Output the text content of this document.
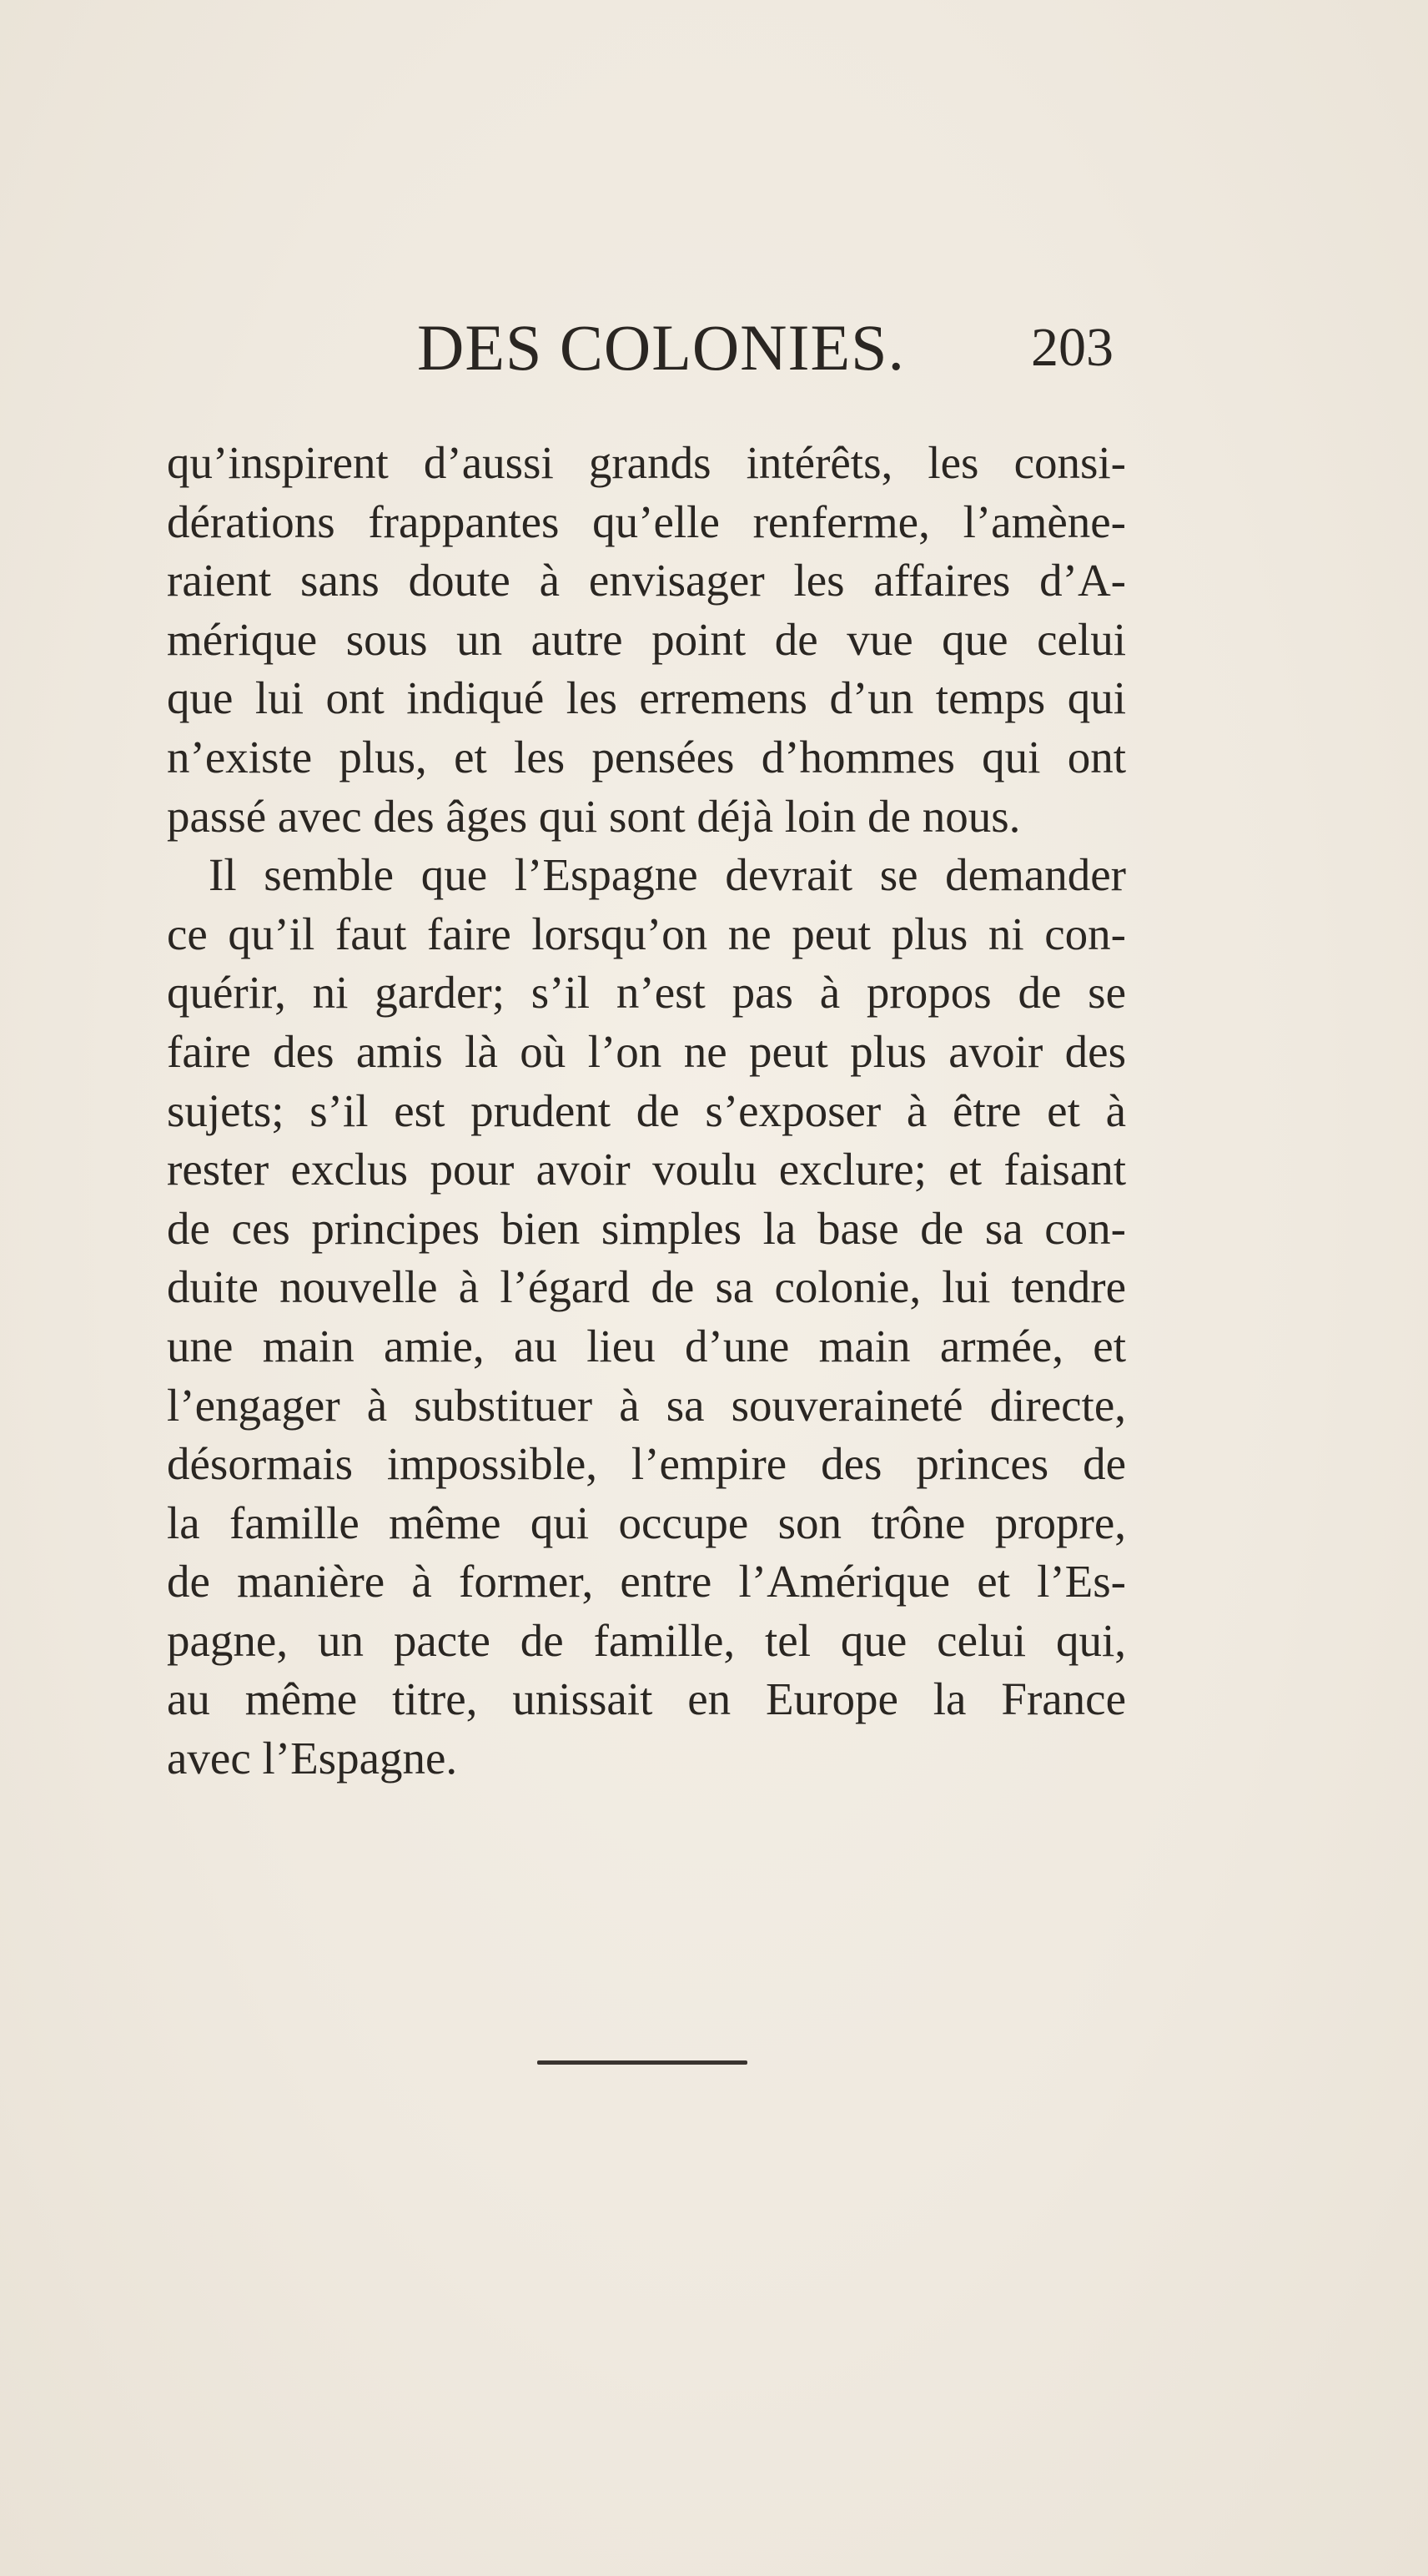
DES COLONIES. 203
qu’inspirent d’aussi grands intérêts, les consi-
dérations frappantes qu’elle renferme, l’amène-
raient sans doute à envisager les affaires d’A-
mérique sous un autre point de vue que celui
que lui ont indiqué les erremens d’un temps qui
n’existe plus, et les pensées d’hommes qui ont
passé avec des âges qui sont déjà loin de nous.
Il semble que l’Espagne devrait se demander
ce qu’il faut faire lorsqu’on ne peut plus ni con-
quérir, ni garder; s’il n’est pas à propos de se
faire des amis là où l’on ne peut plus avoir des
sujets; s’il est prudent de s’exposer à être et à
rester exclus pour avoir voulu exclure; et faisant
de ces principes bien simples la base de sa con-
duite nouvelle à l’égard de sa colonie, lui tendre
une main amie, au lieu d’une main armée, et
l’engager à substituer à sa souveraineté directe,
désormais impossible, l’empire des princes de
la famille même qui occupe son trône propre,
de manière à former, entre l’Amérique et l’Es-
pagne, un pacte de famille, tel que celui qui,
au même titre, unissait en Europe la France
avec l’Espagne.
